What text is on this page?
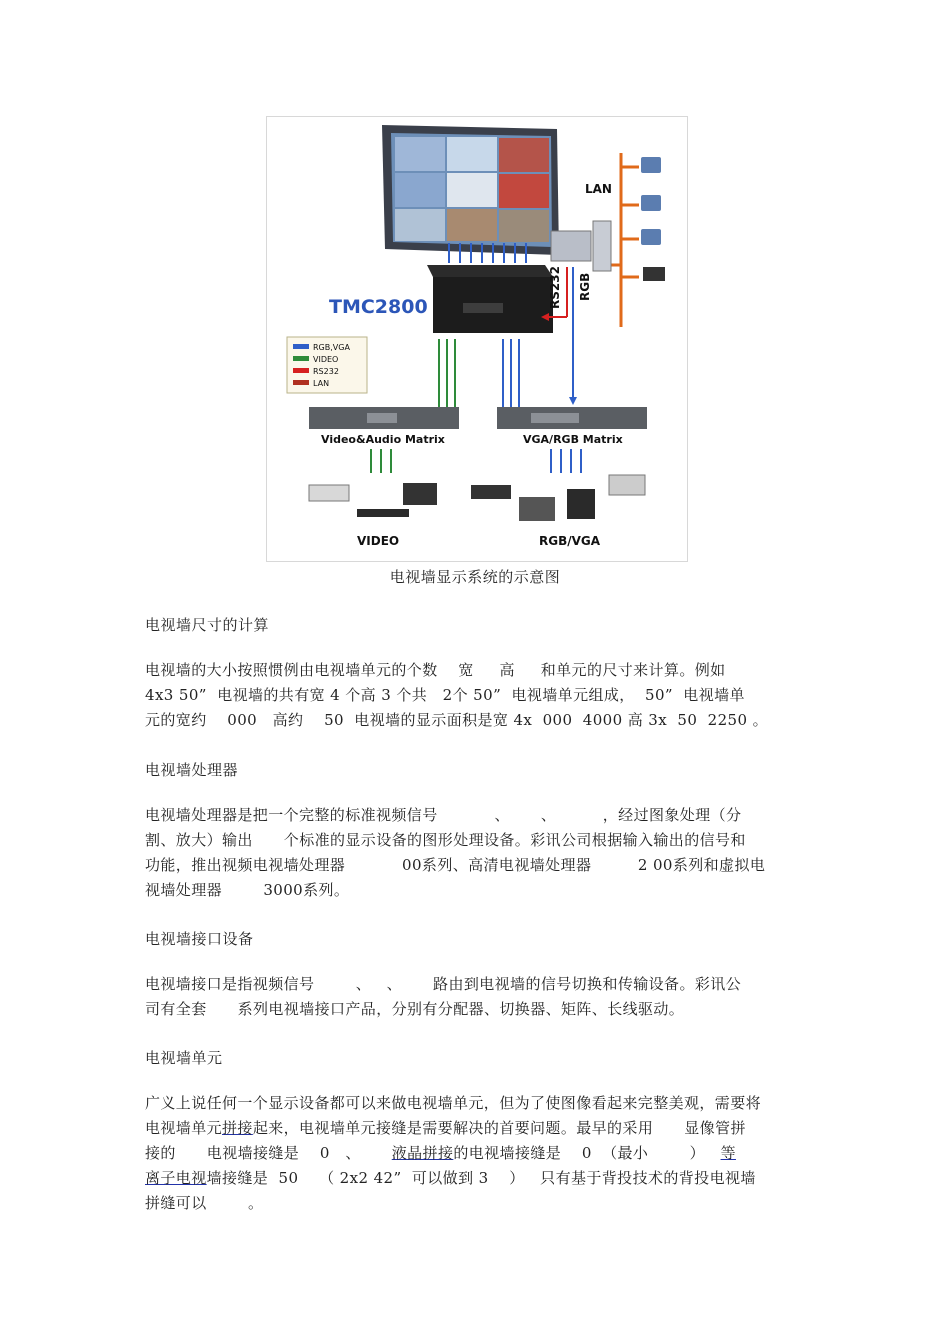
TMC2800
LAN
RS232 RGB
RGB,VGA
VIDEO
RS232
LAN
Video&Audio Matrix	VGA/RGB Matrix
VIDEO	RGB/VGA
电视墙显示系统的示意图
电视墙尺寸的计算
电视墙的大小按照惯例由电视墙单元的个数    宽     高     和单元的尺寸来计算。例如
4x3 50”  电视墙的共有宽 4 个高 3 个共   2个 50”  电视墙单元组成，  50”  电视墙单
元的宽约    000   高约    50  电视墙的显示面积是宽 4x  000  4000 高 3x  50  2250 。
电视墙处理器
电视墙处理器是把一个完整的标准视频信号           、      、         ，经过图象处理（分
割、放大）输出      个标准的显示设备的图形处理设备。彩讯公司根据输入输出的信号和
功能，推出视频电视墙处理器           00系列、高清电视墙处理器         2 00系列和虚拟电
视墙处理器        3000系列。
电视墙接口设备
电视墙接口是指视频信号        、   、      路由到电视墙的信号切换和传输设备。彩讯公
司有全套      系列电视墙接口产品，分别有分配器、切换器、矩阵、长线驱动。
电视墙单元
广义上说任何一个显示设备都可以来做电视墙单元，但为了使图像看起来完整美观，需要将
电视墙单元拼接起来，电视墙单元接缝是需要解决的首要问题。最早的采用      显像管拼
接的      电视墙接缝是    0   、      液晶拼接的电视墙接缝是    0  （最小        ）   等
离子电视墙接缝是  50    （ 2x2 42”  可以做到 3    ）   只有基于背投技术的背投电视墙
拼缝可以        。
